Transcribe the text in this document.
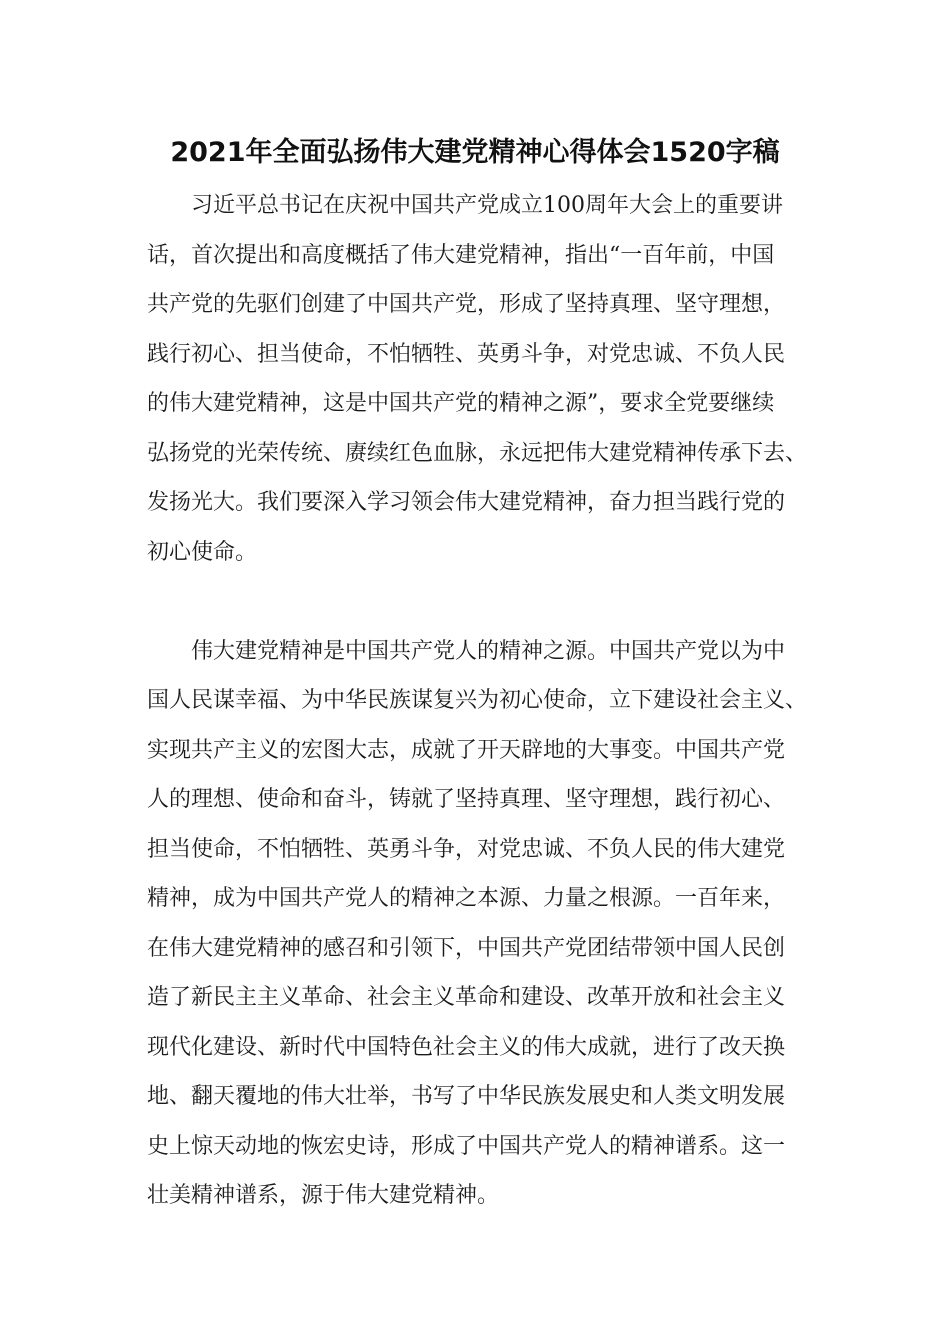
2021年全面弘扬伟大建党精神心得体会1520字稿
习近平总书记在庆祝中国共产党成立100周年大会上的重要讲
话，首次提出和高度概括了伟大建党精神，指出“一百年前，中国
共产党的先驱们创建了中国共产党，形成了坚持真理、坚守理想，
践行初心、担当使命，不怕牺牲、英勇斗争，对党忠诚、不负人民
的伟大建党精神，这是中国共产党的精神之源”，要求全党要继续
弘扬党的光荣传统、赓续红色血脉，永远把伟大建党精神传承下去、
发扬光大。我们要深入学习领会伟大建党精神，奋力担当践行党的
初心使命。
伟大建党精神是中国共产党人的精神之源。中国共产党以为中
国人民谋幸福、为中华民族谋复兴为初心使命，立下建设社会主义、
实现共产主义的宏图大志，成就了开天辟地的大事变。中国共产党
人的理想、使命和奋斗，铸就了坚持真理、坚守理想，践行初心、
担当使命，不怕牺牲、英勇斗争，对党忠诚、不负人民的伟大建党
精神，成为中国共产党人的精神之本源、力量之根源。一百年来，
在伟大建党精神的感召和引领下，中国共产党团结带领中国人民创
造了新民主主义革命、社会主义革命和建设、改革开放和社会主义
现代化建设、新时代中国特色社会主义的伟大成就，进行了改天换
地、翻天覆地的伟大壮举，书写了中华民族发展史和人类文明发展
史上惊天动地的恢宏史诗，形成了中国共产党人的精神谱系。这一
壮美精神谱系，源于伟大建党精神。
